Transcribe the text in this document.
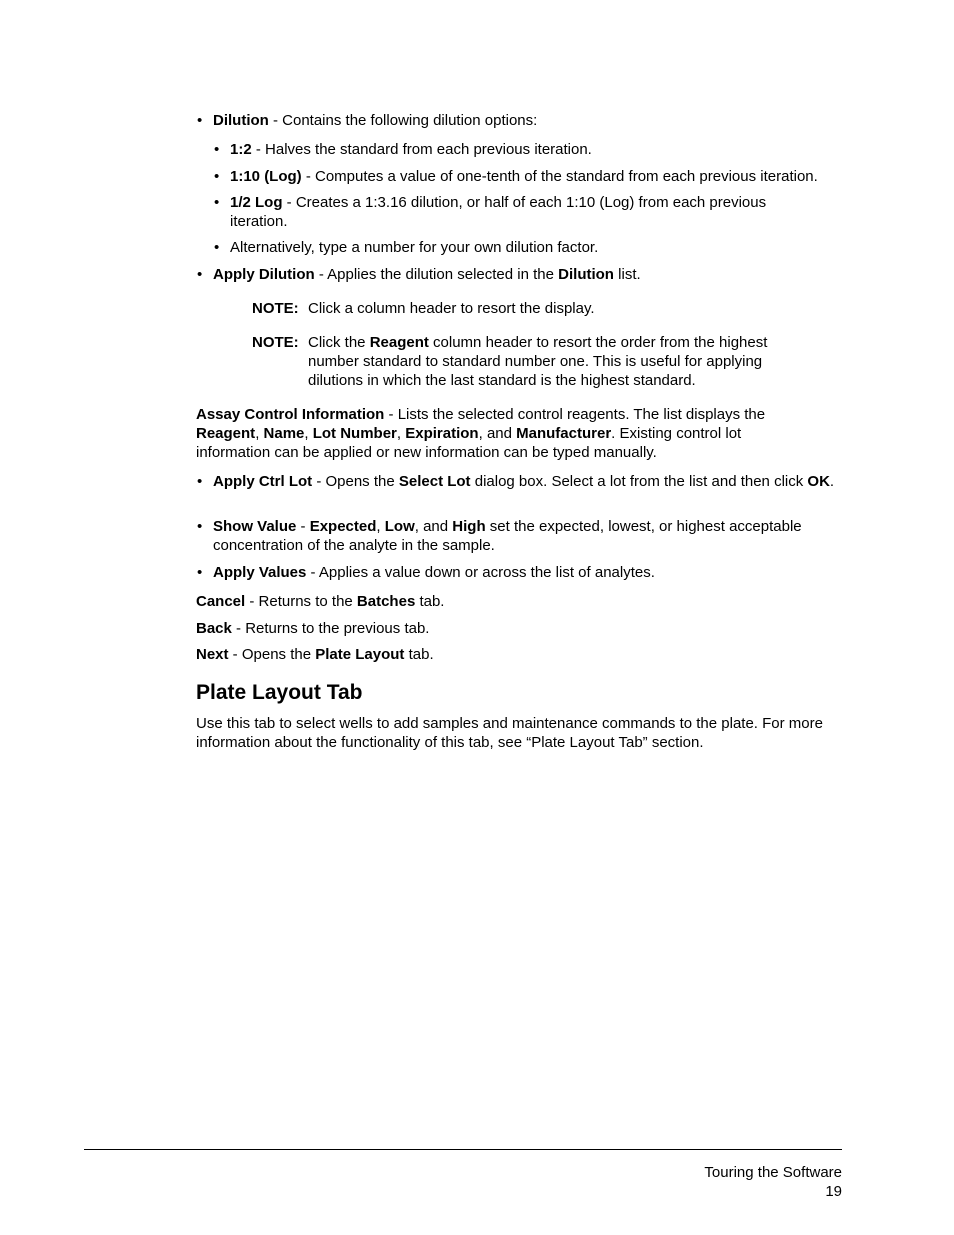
• Dilution - Contains the following dilution options:
• 1:2 - Halves the standard from each previous iteration.
• 1:10 (Log) - Computes a value of one-tenth of the standard from each previous iteration.
• 1/2 Log - Creates a 1:3.16 dilution, or half of each 1:10 (Log) from each previous iteration.
• Alternatively, type a number for your own dilution factor.
• Apply Dilution - Applies the dilution selected in the Dilution list.
NOTE: Click a column header to resort the display.
NOTE: Click the Reagent column header to resort the order from the highest number standard to standard number one. This is useful for applying dilutions in which the last standard is the highest standard.
Assay Control Information - Lists the selected control reagents. The list displays the Reagent, Name, Lot Number, Expiration, and Manufacturer. Existing control lot information can be applied or new information can be typed manually.
• Apply Ctrl Lot - Opens the Select Lot dialog box. Select a lot from the list and then click OK.
• Show Value - Expected, Low, and High set the expected, lowest, or highest acceptable concentration of the analyte in the sample.
• Apply Values - Applies a value down or across the list of analytes.
Cancel - Returns to the Batches tab.
Back - Returns to the previous tab.
Next - Opens the Plate Layout tab.
Plate Layout Tab
Use this tab to select wells to add samples and maintenance commands to the plate. For more information about the functionality of this tab, see “Plate Layout Tab” section.
Touring the Software
19
